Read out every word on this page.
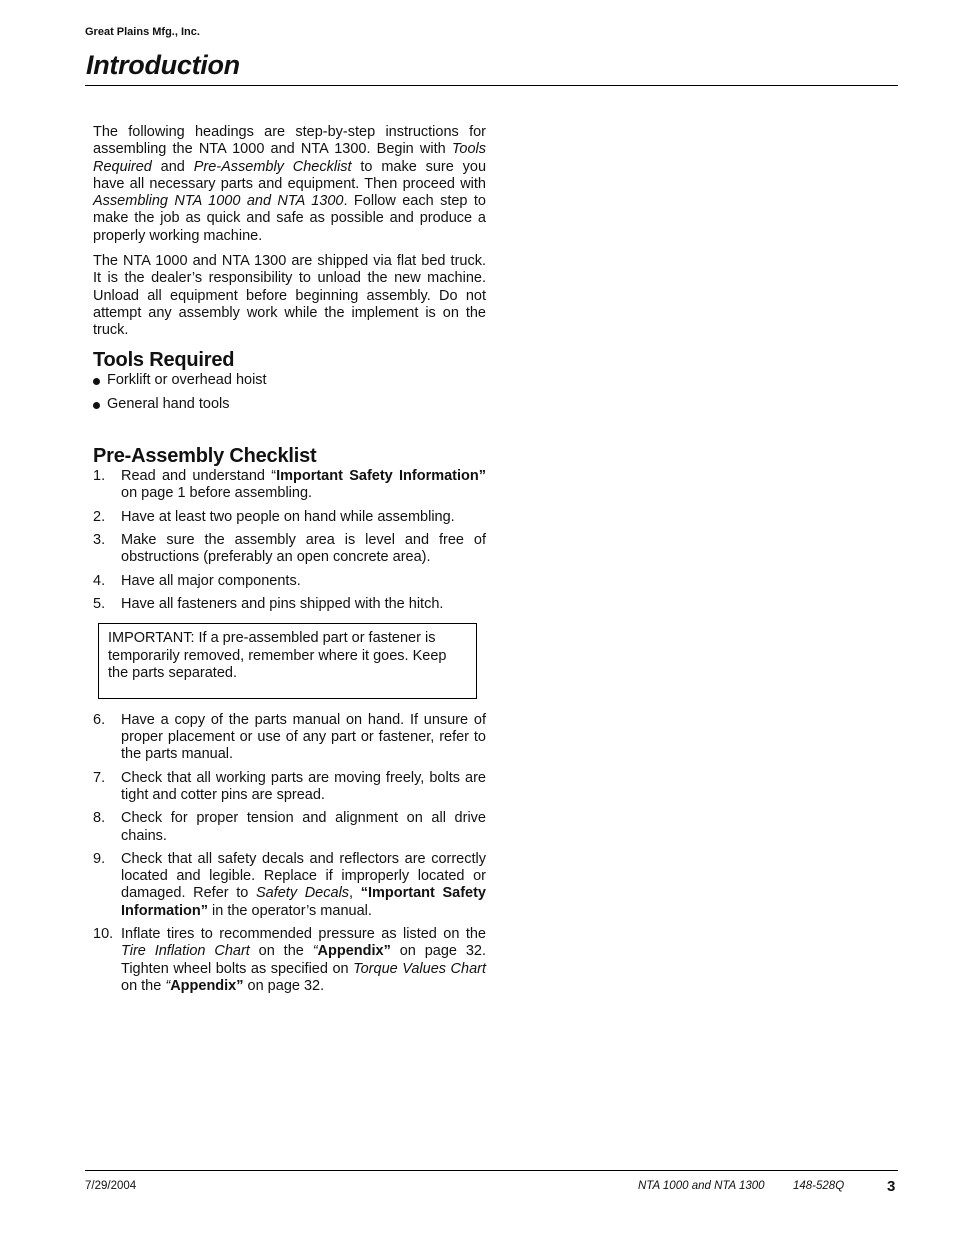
Great Plains Mfg., Inc.
Introduction

The following headings are step-by-step instructions for assembling the NTA 1000 and NTA 1300. Begin with Tools Required and Pre-Assembly Checklist to make sure you have all necessary parts and equipment. Then proceed with Assembling NTA 1000 and NTA 1300. Follow each step to make the job as quick and safe as possible and produce a properly working machine.

The NTA 1000 and NTA 1300 are shipped via flat bed truck. It is the dealer’s responsibility to unload the new machine. Unload all equipment before beginning assembly. Do not attempt any assembly work while the implement is on the truck.

Tools Required
Forklift or overhead hoist
General hand tools
Pre-Assembly Checklist
1. Read and understand “Important Safety Information” on page 1 before assembling.
2. Have at least two people on hand while assembling.
3. Make sure the assembly area is level and free of obstructions (preferably an open concrete area).
4. Have all major components.
5. Have all fasteners and pins shipped with the hitch.
IMPORTANT: If a pre-assembled part or fastener is temporarily removed, remember where it goes. Keep the parts separated.
6. Have a copy of the parts manual on hand. If unsure of proper placement or use of any part or fastener, refer to the parts manual.
7. Check that all working parts are moving freely, bolts are tight and cotter pins are spread.
8. Check for proper tension and alignment on all drive chains.
9. Check that all safety decals and reflectors are correctly located and legible. Replace if improperly located or damaged. Refer to Safety Decals, “Important Safety Information” in the operator’s manual.
10. Inflate tires to recommended pressure as listed on the Tire Inflation Chart on the “Appendix” on page 32. Tighten wheel bolts as specified on Torque Values Chart on the “Appendix” on page 32.
7/29/2004	NTA 1000 and NTA 1300 148-528Q	3
